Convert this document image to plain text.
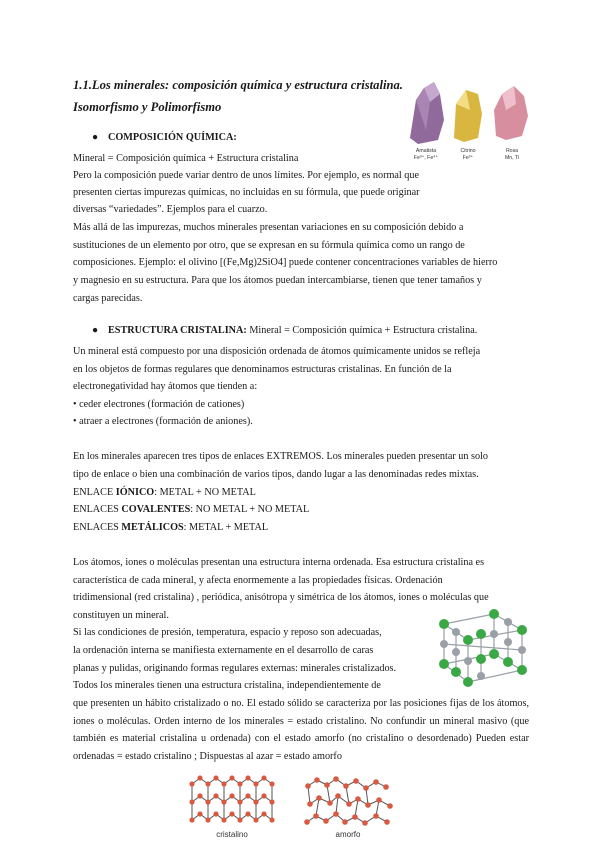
1.1.Los minerales: composición química y estructura cristalina.
Isomorfismo y Polimorfismo
Amatista
Fe³⁺, Fe⁴⁺
Citrino
Fe³⁺
Rosa
Mn, Ti
● COMPOSICIÓN QUÍMICA:
Mineral = Composición química + Estructura cristalina
Pero la composición puede variar dentro de unos límites. Por ejemplo, es normal que
presenten ciertas impurezas químicas, no incluidas en su fórmula, que puede originar
diversas “variedades”. Ejemplos para el cuarzo.
Más allá de las impurezas, muchos minerales presentan variaciones en su composición debido a
sustituciones de un elemento por otro, que se expresan en su fórmula química como un rango de
composiciones. Ejemplo: el olivino [(Fe,Mg)2SiO4] puede contener concentraciones variables de hierro
y magnesio en su estructura. Para que los átomos puedan intercambiarse, tienen que tener tamaños y
cargas parecidas.
● ESTRUCTURA CRISTALINA: Mineral = Composición química + Estructura cristalina.
Un mineral está compuesto por una disposición ordenada de átomos químicamente unidos se refleja
en los objetos de formas regulares que denominamos estructuras cristalinas. En función de la
electronegatividad hay átomos que tienden a:
• ceder electrones (formación de cationes)
• atraer a electrones (formación de aniones).
En los minerales aparecen tres tipos de enlaces EXTREMOS. Los minerales pueden presentar un solo
tipo de enlace o bien una combinación de varios tipos, dando lugar a las denominadas redes mixtas.
ENLACE IÓNICO: METAL + NO METAL
ENLACES COVALENTES: NO METAL + NO METAL
ENLACES METÁLICOS: METAL + METAL
Los átomos, iones o moléculas presentan una estructura interna ordenada. Esa estructura cristalina es
característica de cada mineral, y afecta enormemente a las propiedades físicas. Ordenación
tridimensional (red cristalina) , periódica, anisótropa y simétrica de los átomos, iones o moléculas que
constituyen un mineral.
Si las condiciones de presión, temperatura, espacio y reposo son adecuadas,
la ordenación interna se manifiesta externamente en el desarrollo de caras
planas y pulidas, originando formas regulares externas: minerales cristalizados.
Todos los minerales tienen una estructura cristalina, independientemente de
que presenten un hábito cristalizado o no. El estado sólido se caracteriza por las posiciones fijas de los átomos, iones o moléculas. Orden interno de los minerales = estado cristalino. No confundir un mineral masivo (que también es material cristalina u ordenada) con el estado amorfo (no cristalino o desordenado) Pueden estar ordenadas = estado cristalino ; Dispuestas al azar = estado amorfo
cristalino	amorfo
